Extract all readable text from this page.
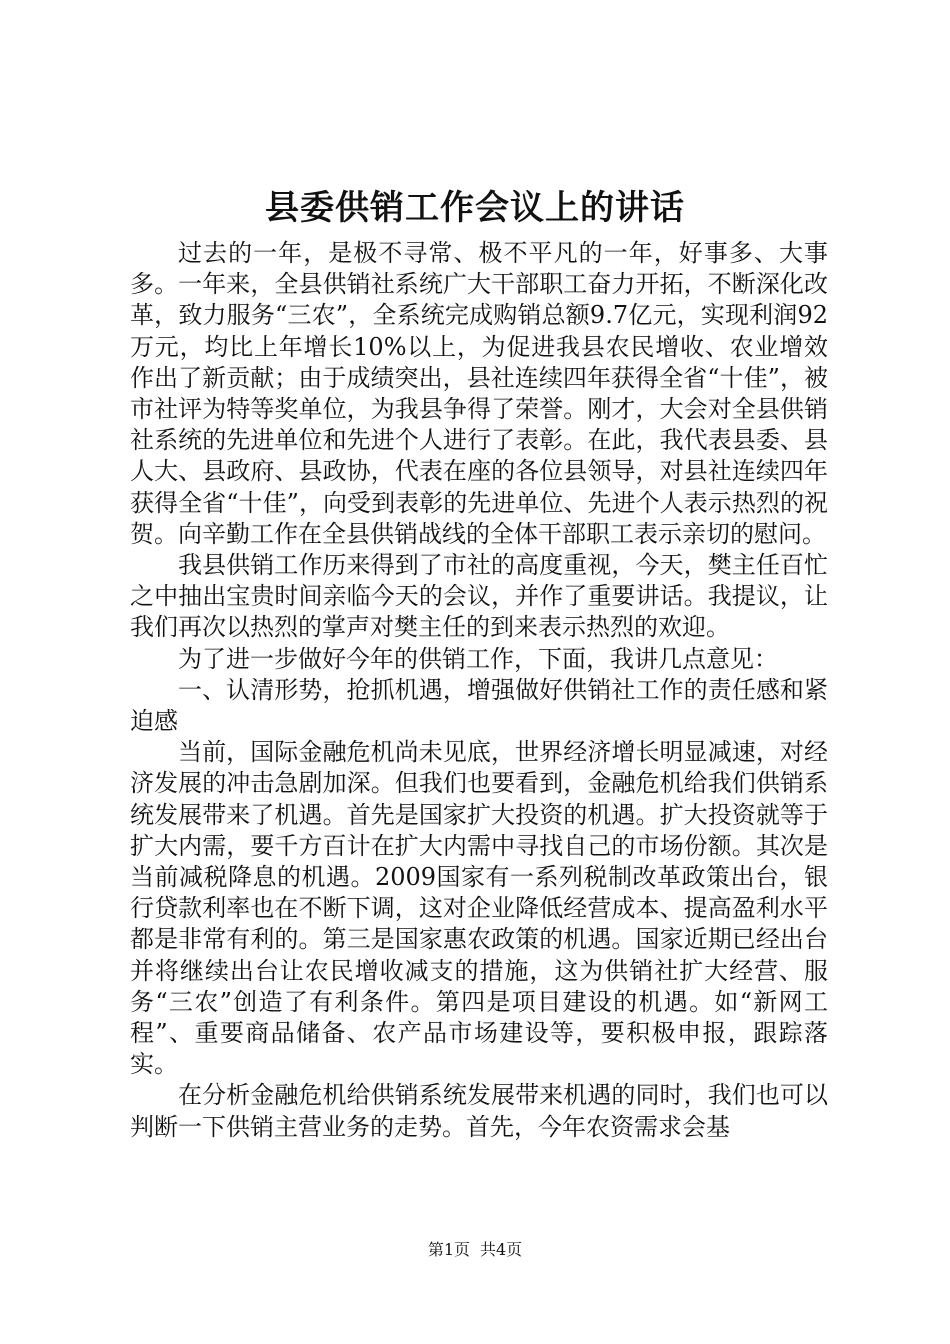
县委供销工作会议上的讲话

过去的一年，是极不寻常、极不平凡的一年，好事多、大事多。一年来，全县供销社系统广大干部职工奋力开拓，不断深化改革，致力服务“三农”，全系统完成购销总额9.7亿元，实现利润92万元，均比上年增长10%以上，为促进我县农民增收、农业增效作出了新贡献；由于成绩突出，县社连续四年获得全省“十佳”，被市社评为特等奖单位，为我县争得了荣誉。刚才，大会对全县供销社系统的先进单位和先进个人进行了表彰。在此，我代表县委、县人大、县政府、县政协，代表在座的各位县领导，对县社连续四年获得全省“十佳”，向受到表彰的先进单位、先进个人表示热烈的祝贺。向辛勤工作在全县供销战线的全体干部职工表示亲切的慰问。

我县供销工作历来得到了市社的高度重视，今天，樊主任百忙之中抽出宝贵时间亲临今天的会议，并作了重要讲话。我提议，让我们再次以热烈的掌声对樊主任的到来表示热烈的欢迎。

为了进一步做好今年的供销工作，下面，我讲几点意见：

一、认清形势，抢抓机遇，增强做好供销社工作的责任感和紧迫感

当前，国际金融危机尚未见底，世界经济增长明显减速，对经济发展的冲击急剧加深。但我们也要看到，金融危机给我们供销系统发展带来了机遇。首先是国家扩大投资的机遇。扩大投资就等于扩大内需，要千方百计在扩大内需中寻找自己的市场份额。其次是当前减税降息的机遇。2009国家有一系列税制改革政策出台，银行贷款利率也在不断下调，这对企业降低经营成本、提高盈利水平都是非常有利的。第三是国家惠农政策的机遇。国家近期已经出台并将继续出台让农民增收减支的措施，这为供销社扩大经营、服务“三农”创造了有利条件。第四是项目建设的机遇。如“新网工程”、重要商品储备、农产品市场建设等，要积极申报，跟踪落实。

在分析金融危机给供销系统发展带来机遇的同时，我们也可以判断一下供销主营业务的走势。首先，今年农资需求会基

第1页 共4页
